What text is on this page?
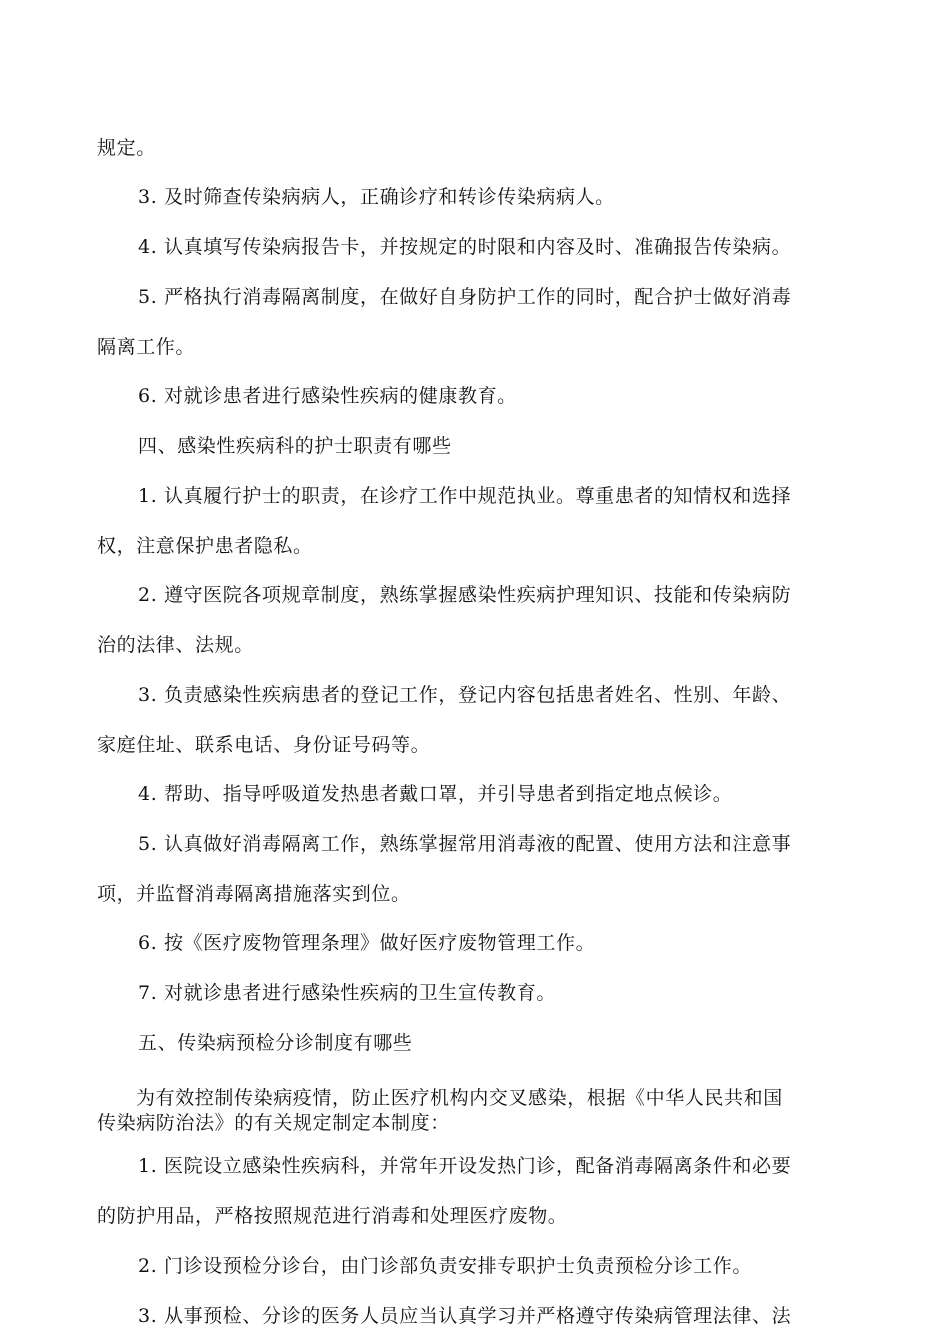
规定。
3. 及时筛查传染病病人，正确诊疗和转诊传染病病人。
4. 认真填写传染病报告卡，并按规定的时限和内容及时、准确报告传染病。
5. 严格执行消毒隔离制度，在做好自身防护工作的同时，配合护士做好消毒
隔离工作。
6. 对就诊患者进行感染性疾病的健康教育。
四、感染性疾病科的护士职责有哪些
1. 认真履行护士的职责，在诊疗工作中规范执业。尊重患者的知情权和选择
权，注意保护患者隐私。
2. 遵守医院各项规章制度，熟练掌握感染性疾病护理知识、技能和传染病防
治的法律、法规。
3. 负责感染性疾病患者的登记工作，登记内容包括患者姓名、性别、年龄、
家庭住址、联系电话、身份证号码等。
4. 帮助、指导呼吸道发热患者戴口罩，并引导患者到指定地点候诊。
5. 认真做好消毒隔离工作，熟练掌握常用消毒液的配置、使用方法和注意事
项，并监督消毒隔离措施落实到位。
6. 按《医疗废物管理条理》做好医疗废物管理工作。
7. 对就诊患者进行感染性疾病的卫生宣传教育。
五、传染病预检分诊制度有哪些
为有效控制传染病疫情，防止医疗机构内交叉感染，根据《中华人民共和国
传染病防治法》的有关规定制定本制度：
1. 医院设立感染性疾病科，并常年开设发热门诊，配备消毒隔离条件和必要
的防护用品，严格按照规范进行消毒和处理医疗废物。
2. 门诊设预检分诊台，由门诊部负责安排专职护士负责预检分诊工作。
3. 从事预检、分诊的医务人员应当认真学习并严格遵守传染病管理法律、法
